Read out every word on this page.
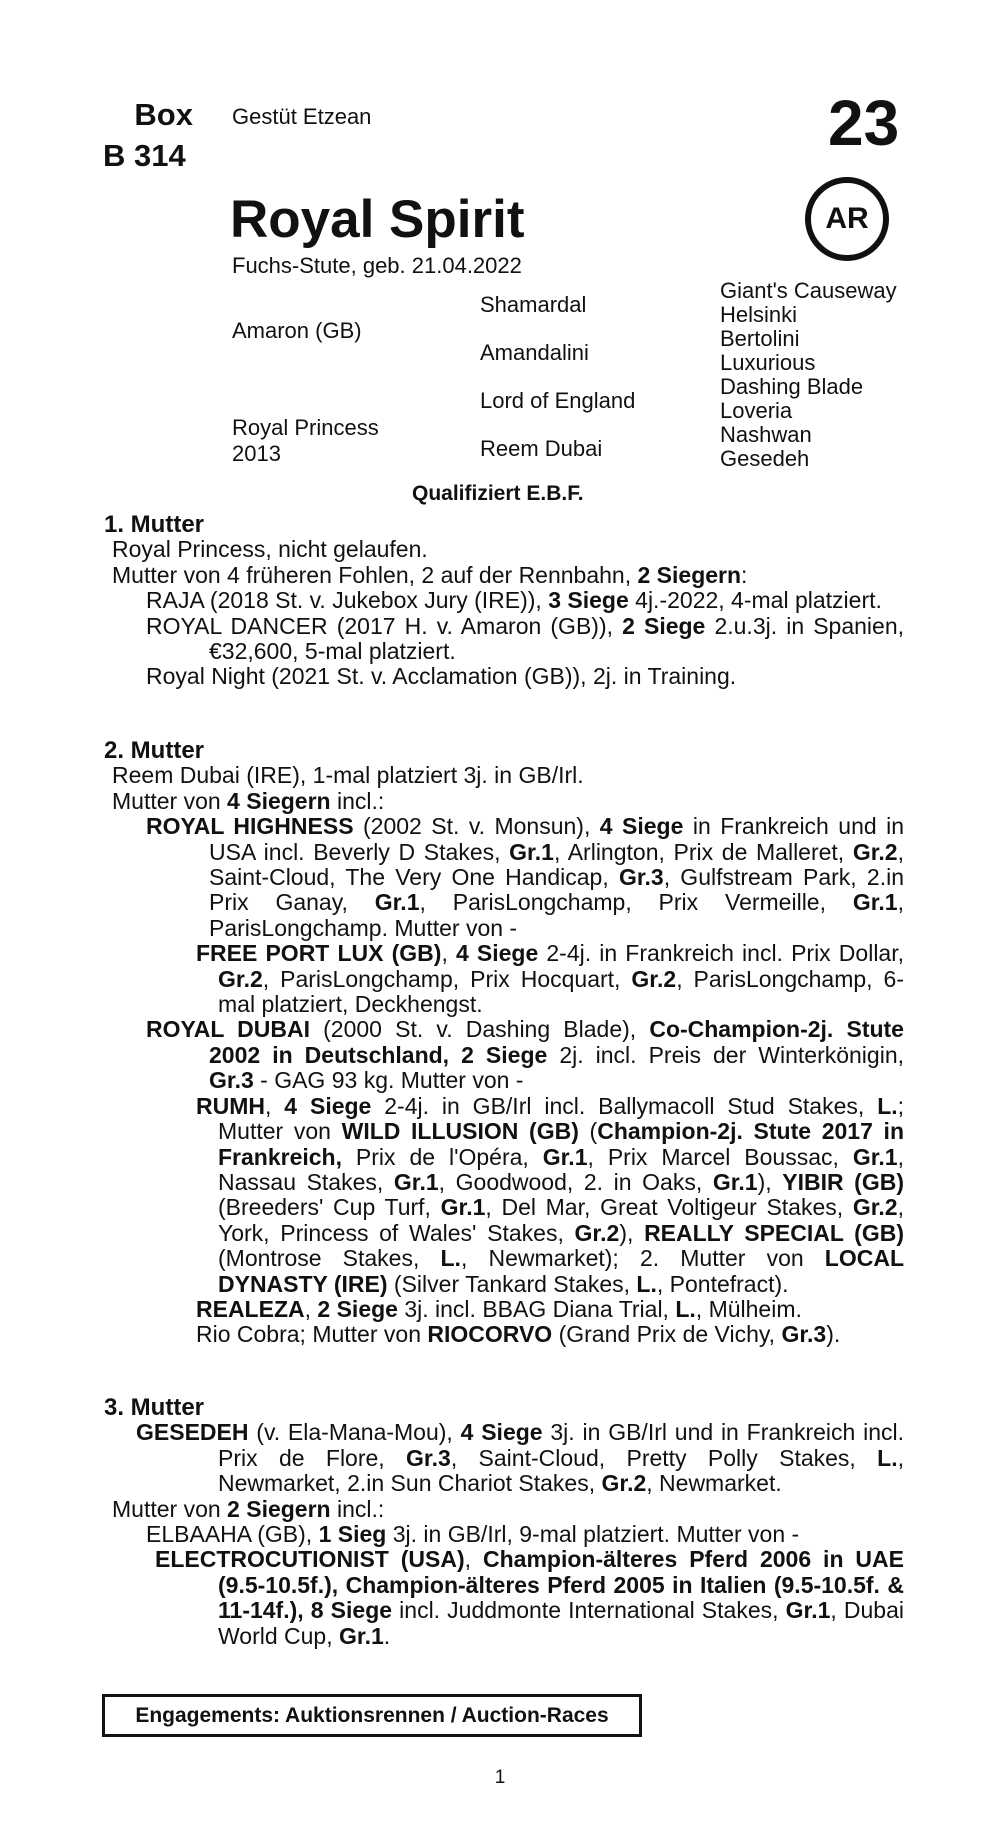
Box
B 314
Gestüt Etzean	23
AR
Royal Spirit
Fuchs-Stute, geb. 21.04.2022
Amaron (GB)
Royal Princess
2013
Shamardal
Amandalini
Lord of England
Reem Dubai
Giant's Causeway
Helsinki
Bertolini
Luxurious
Dashing Blade
Loveria
Nashwan
Gesedeh
Qualifiziert E.B.F.

1. Mutter

Royal Princess, nicht gelaufen.

Mutter von 4 früheren Fohlen, 2 auf der Rennbahn, 2 Siegern:

RAJA (2018 St. v. Jukebox Jury (IRE)), 3 Siege 4j.-2022, 4-mal platziert.

ROYAL DANCER (2017 H. v. Amaron (GB)), 2 Siege 2.u.3j. in Spanien, €32,600, 5-mal platziert.

Royal Night (2021 St. v. Acclamation (GB)), 2j. in Training.

2. Mutter

Reem Dubai (IRE), 1-mal platziert 3j. in GB/Irl.

Mutter von 4 Siegern incl.:

ROYAL HIGHNESS (2002 St. v. Monsun), 4 Siege in Frankreich und in USA incl. Beverly D Stakes, Gr.1, Arlington, Prix de Malleret, Gr.2, Saint-Cloud, The Very One Handicap, Gr.3, Gulfstream Park, 2.in Prix Ganay, Gr.1, ParisLongchamp, Prix Vermeille, Gr.1, ParisLongchamp. Mutter von -

FREE PORT LUX (GB), 4 Siege 2-4j. in Frankreich incl. Prix Dollar, Gr.2, ParisLongchamp, Prix Hocquart, Gr.2, ParisLongchamp, 6-mal platziert, Deckhengst.

ROYAL DUBAI (2000 St. v. Dashing Blade), Co-Champion-2j. Stute 2002 in Deutschland, 2 Siege 2j. incl. Preis der Winterkönigin, Gr.3 - GAG 93 kg. Mutter von -

RUMH, 4 Siege 2-4j. in GB/Irl incl. Ballymacoll Stud Stakes, L.; Mutter von WILD ILLUSION (GB) (Champion-2j. Stute 2017 in Frankreich, Prix de l'Opéra, Gr.1, Prix Marcel Boussac, Gr.1, Nassau Stakes, Gr.1, Goodwood, 2. in Oaks, Gr.1), YIBIR (GB) (Breeders' Cup Turf, Gr.1, Del Mar, Great Voltigeur Stakes, Gr.2, York, Princess of Wales' Stakes, Gr.2), REALLY SPECIAL (GB) (Montrose Stakes, L., Newmarket); 2. Mutter von LOCAL DYNASTY (IRE) (Silver Tankard Stakes, L., Pontefract).

REALEZA, 2 Siege 3j. incl. BBAG Diana Trial, L., Mülheim.

Rio Cobra; Mutter von RIOCORVO (Grand Prix de Vichy, Gr.3).

3. Mutter

GESEDEH (v. Ela-Mana-Mou), 4 Siege 3j. in GB/Irl und in Frankreich incl. Prix de Flore, Gr.3, Saint-Cloud, Pretty Polly Stakes, L., Newmarket, 2.in Sun Chariot Stakes, Gr.2, Newmarket.

Mutter von 2 Siegern incl.:

ELBAAHA (GB), 1 Sieg 3j. in GB/Irl, 9-mal platziert. Mutter von -

ELECTROCUTIONIST (USA), Champion-älteres Pferd 2006 in UAE (9.5-10.5f.), Champion-älteres Pferd 2005 in Italien (9.5-10.5f. & 11-14f.), 8 Siege incl. Juddmonte International Stakes, Gr.1, Dubai World Cup, Gr.1.

Engagements: Auktionsrennen / Auction-Races
1
